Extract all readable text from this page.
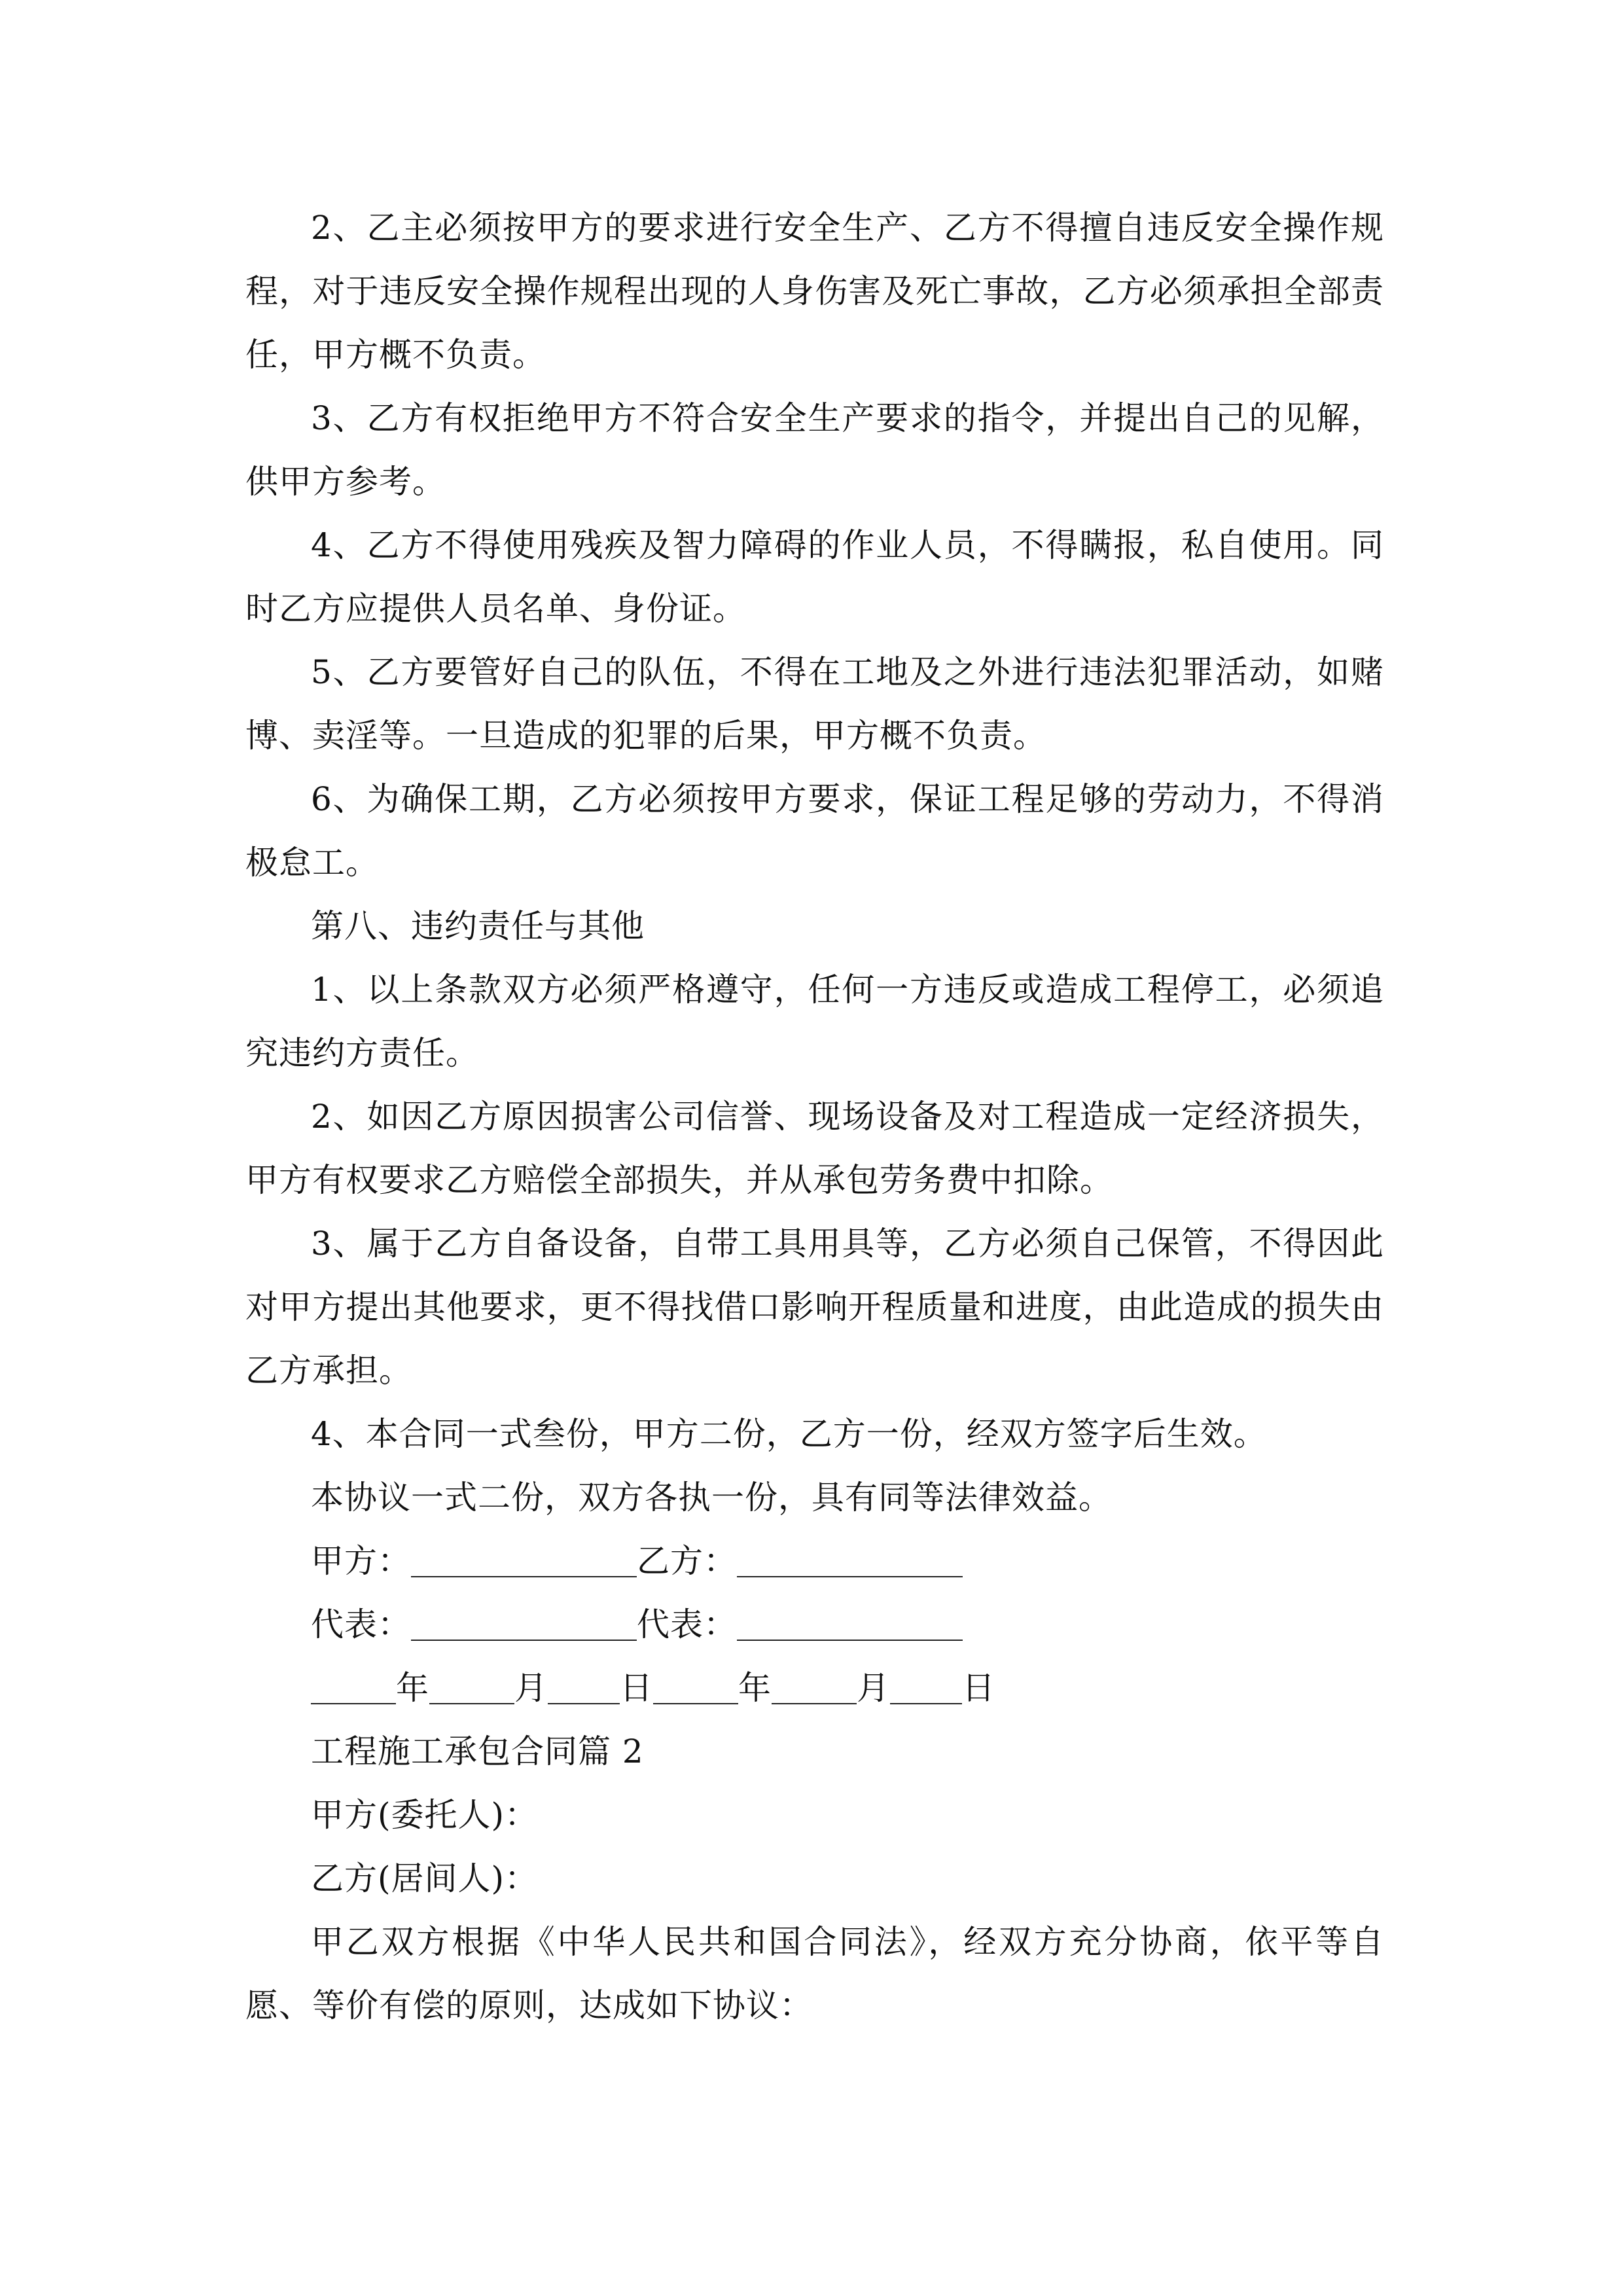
2、乙主必须按甲方的要求进行安全生产、乙方不得擅自违反安全操作规程，对于违反安全操作规程出现的人身伤害及死亡事故，乙方必须承担全部责任，甲方概不负责。

3、乙方有权拒绝甲方不符合安全生产要求的指令，并提出自己的见解，供甲方参考。

4、乙方不得使用残疾及智力障碍的作业人员，不得瞒报，私自使用。同时乙方应提供人员名单、身份证。

5、乙方要管好自己的队伍，不得在工地及之外进行违法犯罪活动，如赌博、卖淫等。一旦造成的犯罪的后果，甲方概不负责。

6、为确保工期，乙方必须按甲方要求，保证工程足够的劳动力，不得消极怠工。

第八、违约责任与其他

1、以上条款双方必须严格遵守，任何一方违反或造成工程停工，必须追究违约方责任。

2、如因乙方原因损害公司信誉、现场设备及对工程造成一定经济损失，甲方有权要求乙方赔偿全部损失，并从承包劳务费中扣除。

3、属于乙方自备设备，自带工具用具等，乙方必须自己保管，不得因此对甲方提出其他要求，更不得找借口影响开程质量和进度，由此造成的损失由乙方承担。

4、本合同一式叁份，甲方二份，乙方一份，经双方签字后生效。

本协议一式二份，双方各执一份，具有同等法律效益。

甲方：	乙方：
代表：	代表：
年	月 日	年	月 日

工程施工承包合同篇 2

甲方(委托人)：

乙方(居间人)：

甲乙双方根据《中华人民共和国合同法》，经双方充分协商，依平等自愿、等价有偿的原则，达成如下协议：
